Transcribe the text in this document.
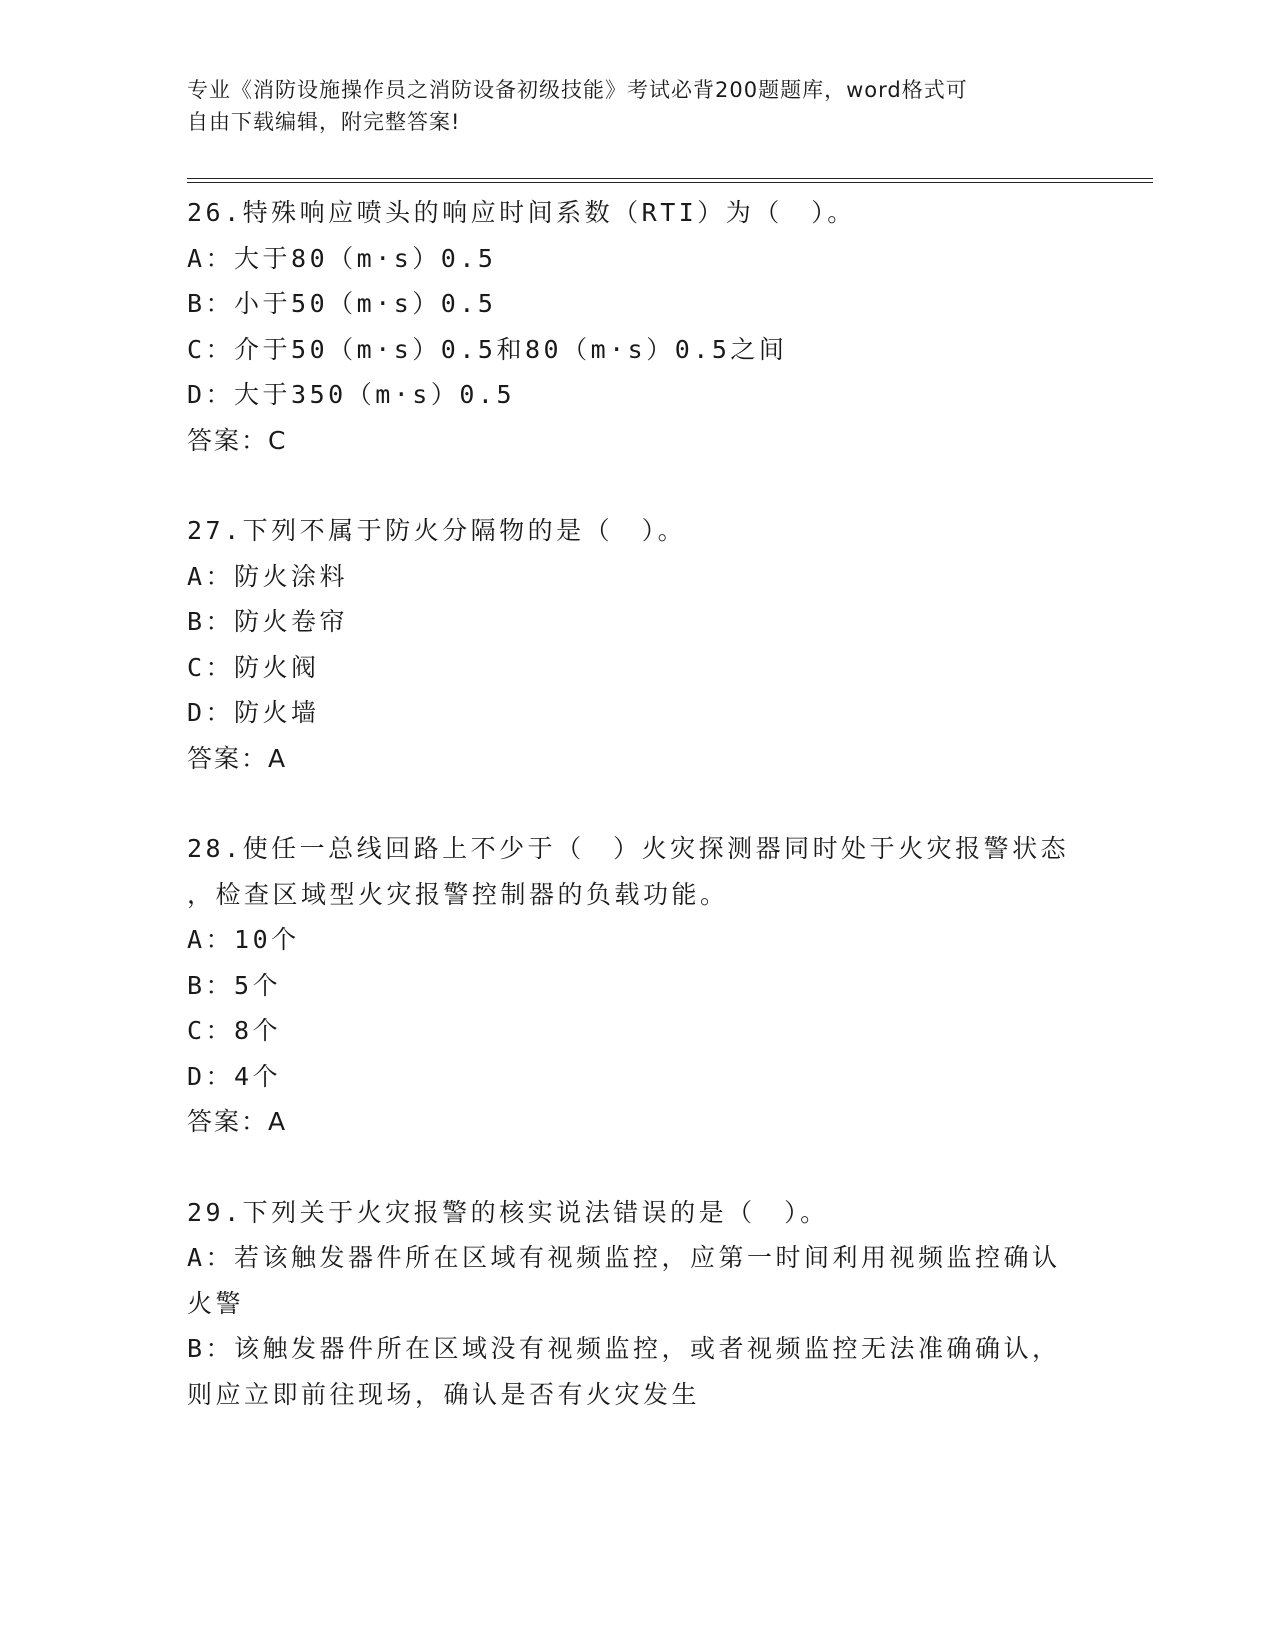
专业《消防设施操作员之消防设备初级技能》考试必背200题题库，word格式可
自由下载编辑，附完整答案!
26.特殊响应喷头的响应时间系数（RTI）为（　）。
A：大于80（m·s）0.5
B：小于50（m·s）0.5
C：介于50（m·s）0.5和80（m·s）0.5之间
D：大于350（m·s）0.5
答案：C
27.下列不属于防火分隔物的是（　）。
A：防火涂料
B：防火卷帘
C：防火阀
D：防火墙
答案：A
28.使任一总线回路上不少于（　）火灾探测器同时处于火灾报警状态
，检查区域型火灾报警控制器的负载功能。
A：10个
B：5个
C：8个
D：4个
答案：A
29.下列关于火灾报警的核实说法错误的是（　）。
A：若该触发器件所在区域有视频监控，应第一时间利用视频监控确认
火警
B：该触发器件所在区域没有视频监控，或者视频监控无法准确确认，
则应立即前往现场，确认是否有火灾发生
